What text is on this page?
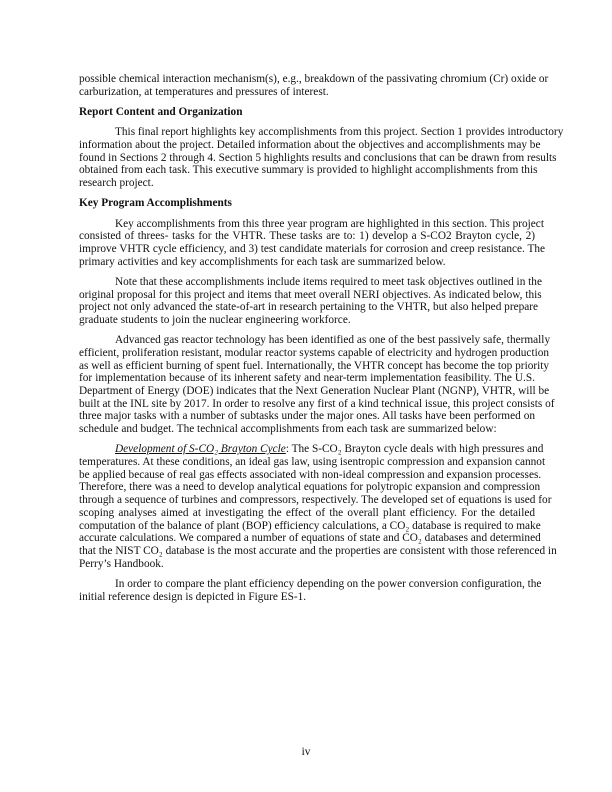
possible chemical interaction mechanism(s), e.g., breakdown of the passivating chromium (Cr) oxide or
carburization, at temperatures and pressures of interest.
Report Content and Organization
This final report highlights key accomplishments from this project. Section 1 provides introductory
information about the project. Detailed information about the objectives and accomplishments may be
found in Sections 2 through 4. Section 5 highlights results and conclusions that can be drawn from results
obtained from each task. This executive summary is provided to highlight accomplishments from this
research project.
Key Program Accomplishments
Key accomplishments from this three year program are highlighted in this section. This project
consisted of threes- tasks for the VHTR. These tasks are to: 1) develop a S-CO2 Brayton cycle, 2)
improve VHTR cycle efficiency, and 3) test candidate materials for corrosion and creep resistance. The
primary activities and key accomplishments for each task are summarized below.
Note that these accomplishments include items required to meet task objectives outlined in the
original proposal for this project and items that meet overall NERI objectives. As indicated below, this
project not only advanced the state-of-art in research pertaining to the VHTR, but also helped prepare
graduate students to join the nuclear engineering workforce.
Advanced gas reactor technology has been identified as one of the best passively safe, thermally
efficient, proliferation resistant, modular reactor systems capable of electricity and hydrogen production
as well as efficient burning of spent fuel. Internationally, the VHTR concept has become the top priority
for implementation because of its inherent safety and near-term implementation feasibility. The U.S.
Department of Energy (DOE) indicates that the Next Generation Nuclear Plant (NGNP), VHTR, will be
built at the INL site by 2017. In order to resolve any first of a kind technical issue, this project consists of
three major tasks with a number of subtasks under the major ones. All tasks have been performed on
schedule and budget. The technical accomplishments from each task are summarized below:
Development of S-CO₂ Brayton Cycle: The S-CO₂ Brayton cycle deals with high pressures and
temperatures. At these conditions, an ideal gas law, using isentropic compression and expansion cannot
be applied because of real gas effects associated with non-ideal compression and expansion processes.
Therefore, there was a need to develop analytical equations for polytropic expansion and compression
through a sequence of turbines and compressors, respectively. The developed set of equations is used for
scoping analyses aimed at investigating the effect of the overall plant efficiency. For the detailed
computation of the balance of plant (BOP) efficiency calculations, a CO₂ database is required to make
accurate calculations. We compared a number of equations of state and CO₂ databases and determined
that the NIST CO₂ database is the most accurate and the properties are consistent with those referenced in
Perry’s Handbook.
In order to compare the plant efficiency depending on the power conversion configuration, the
initial reference design is depicted in Figure ES-1.
iv
